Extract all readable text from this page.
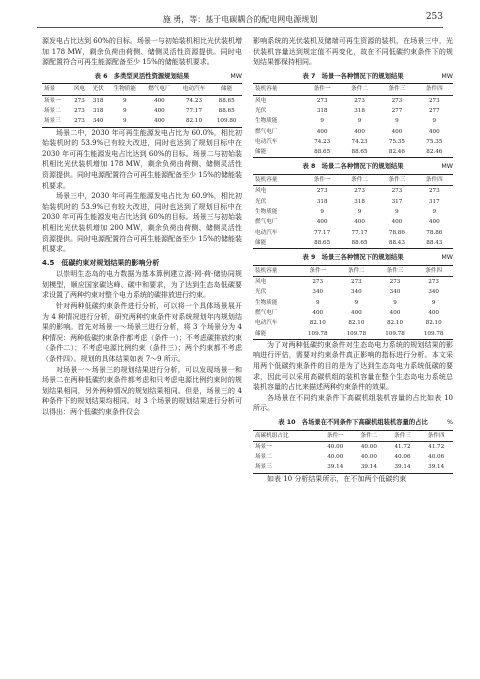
施 勇，等：基于电碳耦合的配电网电源规划	253

源发电占比达到 60%的目标。场景一与初始装机相比光伏装机增加 178 MW，剩余负荷由荷侧、储侧灵活性资源提供。同时电源配置符合可再生能源配备至少 15%的储能装机要求。

表 6　多类型灵活性资源规划结果	MW
场景	风电	光伏	生物质能	燃气电厂	电动汽车	储能
场景一	273	318	9	400	74.23	88.65
场景二	273	318	9	400	77.17	88.65
场景三	273	340	9	400	82.10	109.80

场景二中，2030 年可再生能源发电占比为 60.0%，相比初始装机时的 53.9%已有较大改进，同时也达到了规划目标中在 2030 年可再生能源发电占比达到 60%的目标。场景二与初始装机相比光伏装机增加 178 MW，剩余负荷由荷侧、储侧灵活性资源提供。同时电源配置符合可再生能源配备至少 15%的储能装机要求。

场景三中，2030 年可再生能源发电占比为 60.9%，相比初始装机时的 53.9%已有较大改进，同时也达到了规划目标中在 2030 年可再生能源发电占比达到 60%的目标。场景三与初始装机相比光伏装机增加 200 MW，剩余负荷由荷侧、储侧灵活性资源提供。同时电源配置符合可再生能源配备至少 15%的储能装机要求。

4.5　低碳约束对规划结果的影响分析

以崇明生态岛的电力数据为基本算例建立源-网-荷-储协同规划模型，顺应国家碳达峰、碳中和要求，为了达到生态岛低碳要求设置了两种约束对整个电力系统的碳排放进行约束。

针对两种低碳约束条件进行分析，可以将一个具体场景展开为 4 种情况进行分析，研究两种约束条件对系统规划年内规划结果的影响。首先对场景一～场景三进行分析，将 3 个场景分为 4 种情况：两种低碳约束条件都考虑（条件一）；不考虑碳排放约束（条件二）；不考虑电源比例约束（条件三）；两个约束都不考虑（条件四）。规划的具体结果如表 7～9 所示。

对场景一～场景三的规划结果进行分析，可以发现场景一和场景二在两种低碳约束条件都考虑和只考虑电源比例约束时的规划结果相同，另外两种情况的规划结果相同。但是，场景三的 4 种条件下的规划结果均相同。对 3 个场景的规划结果进行分析可以得出：两个低碳约束条件仅会

影响系统的光伏装机及储端可再生资源的装机，在场景三中，光伏装机容量达到规定值不再变化，故在不同低碳约束条件下的规划结果都保持相同。

表 7　场景一各种情况下的规划结果	MW
装机容量	条件一	条件二	条件三	条件四
风电	273	273	273	273
光伏	318	318	277	277
生物质能	9	9	9	9
燃气电厂	400	400	400	400
电动汽车	74.23	74.23	75.35	75.35
储能	88.65	88.65	82.46	82.46
表 8　场景二各种情况下的规划结果	MW
装机容量	条件一	条件二	条件三	条件四
风电	273	273	273	273
光伏	318	318	317	317
生物质能	9	9	9	9
燃气电厂	400	400	400	400
电动汽车	77.17	77.17	78.86	78.86
储能	88.65	88.65	88.43	88.43
表 9　场景三各种情况下的规划结果	MW
装机容量	条件一	条件二	条件三	条件四
风电	273	273	273	273
光伏	340	340	340	340
生物质能	9	9	9	9
燃气电厂	400	400	400	400
电动汽车	82.10	82.10	82.10	82.10
储能	109.78	109.78	109.78	109.78

为了对两种低碳约束条件对生态岛电力系统的规划结果的影响进行评估，需要对约束条件真正影响的指标进行分析。本文采用两个低碳约束条件的目的是为了达到生态岛电力系统低碳的要求，因此可以采用高碳机组的装机容量在整个生态岛电力系统总装机容量的占比来描述两种约束条件的效果。

各场景在不同约束条件下高碳机组装机容量的占比如表 10 所示。

表 10　各场景在不同条件下高碳机组装机容量的占比	%
高碳机组占比	条件一	条件二	条件三	条件四
场景一	40.00	40.00	41.72	41.72
场景二	40.00	40.00	40.06	40.06
场景三	39.14	39.14	39.14	39.14

如表 10 分析结果所示，在不加两个低碳约束
